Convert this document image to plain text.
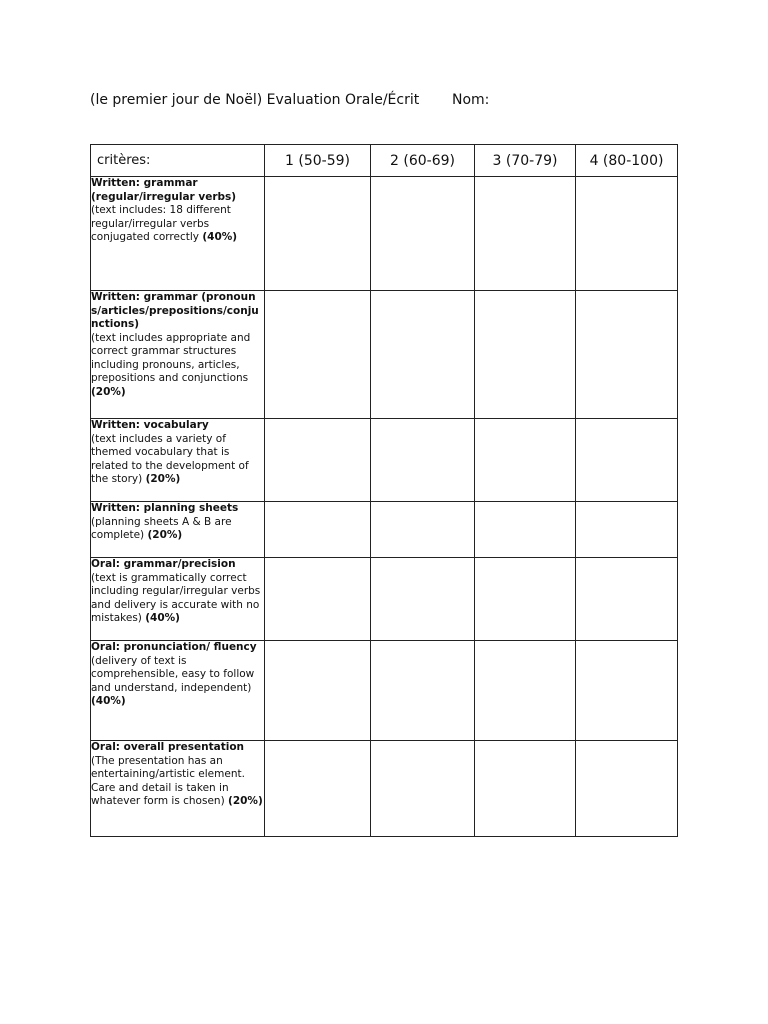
(le premier jour de Noël) Evaluation Orale/Écrit Nom:
critères:	1 (50-59)	2 (60-69)	3 (70-79)	4 (80-100)

Written: grammar (regular/irregular verbs)
(text includes: 18 different regular/irregular verbs conjugated correctly (40%)				

Written: grammar (pronouns/articles/prepositions/conjunctions)
(text includes appropriate and correct grammar structures including pronouns, articles, prepositions and conjunctions (20%)				

Written: vocabulary
(text includes a variety of themed vocabulary that is related to the development of the story) (20%)				

Written: planning sheets
(planning sheets A & B are complete) (20%)				

Oral: grammar/precision
(text is grammatically correct including regular/irregular verbs and delivery is accurate with no mistakes) (40%)				

Oral: pronunciation/ fluency
(delivery of text is comprehensible, easy to follow and understand, independent) (40%)				

Oral: overall presentation
(The presentation has an entertaining/artistic element. Care and detail is taken in whatever form is chosen) (20%)				
